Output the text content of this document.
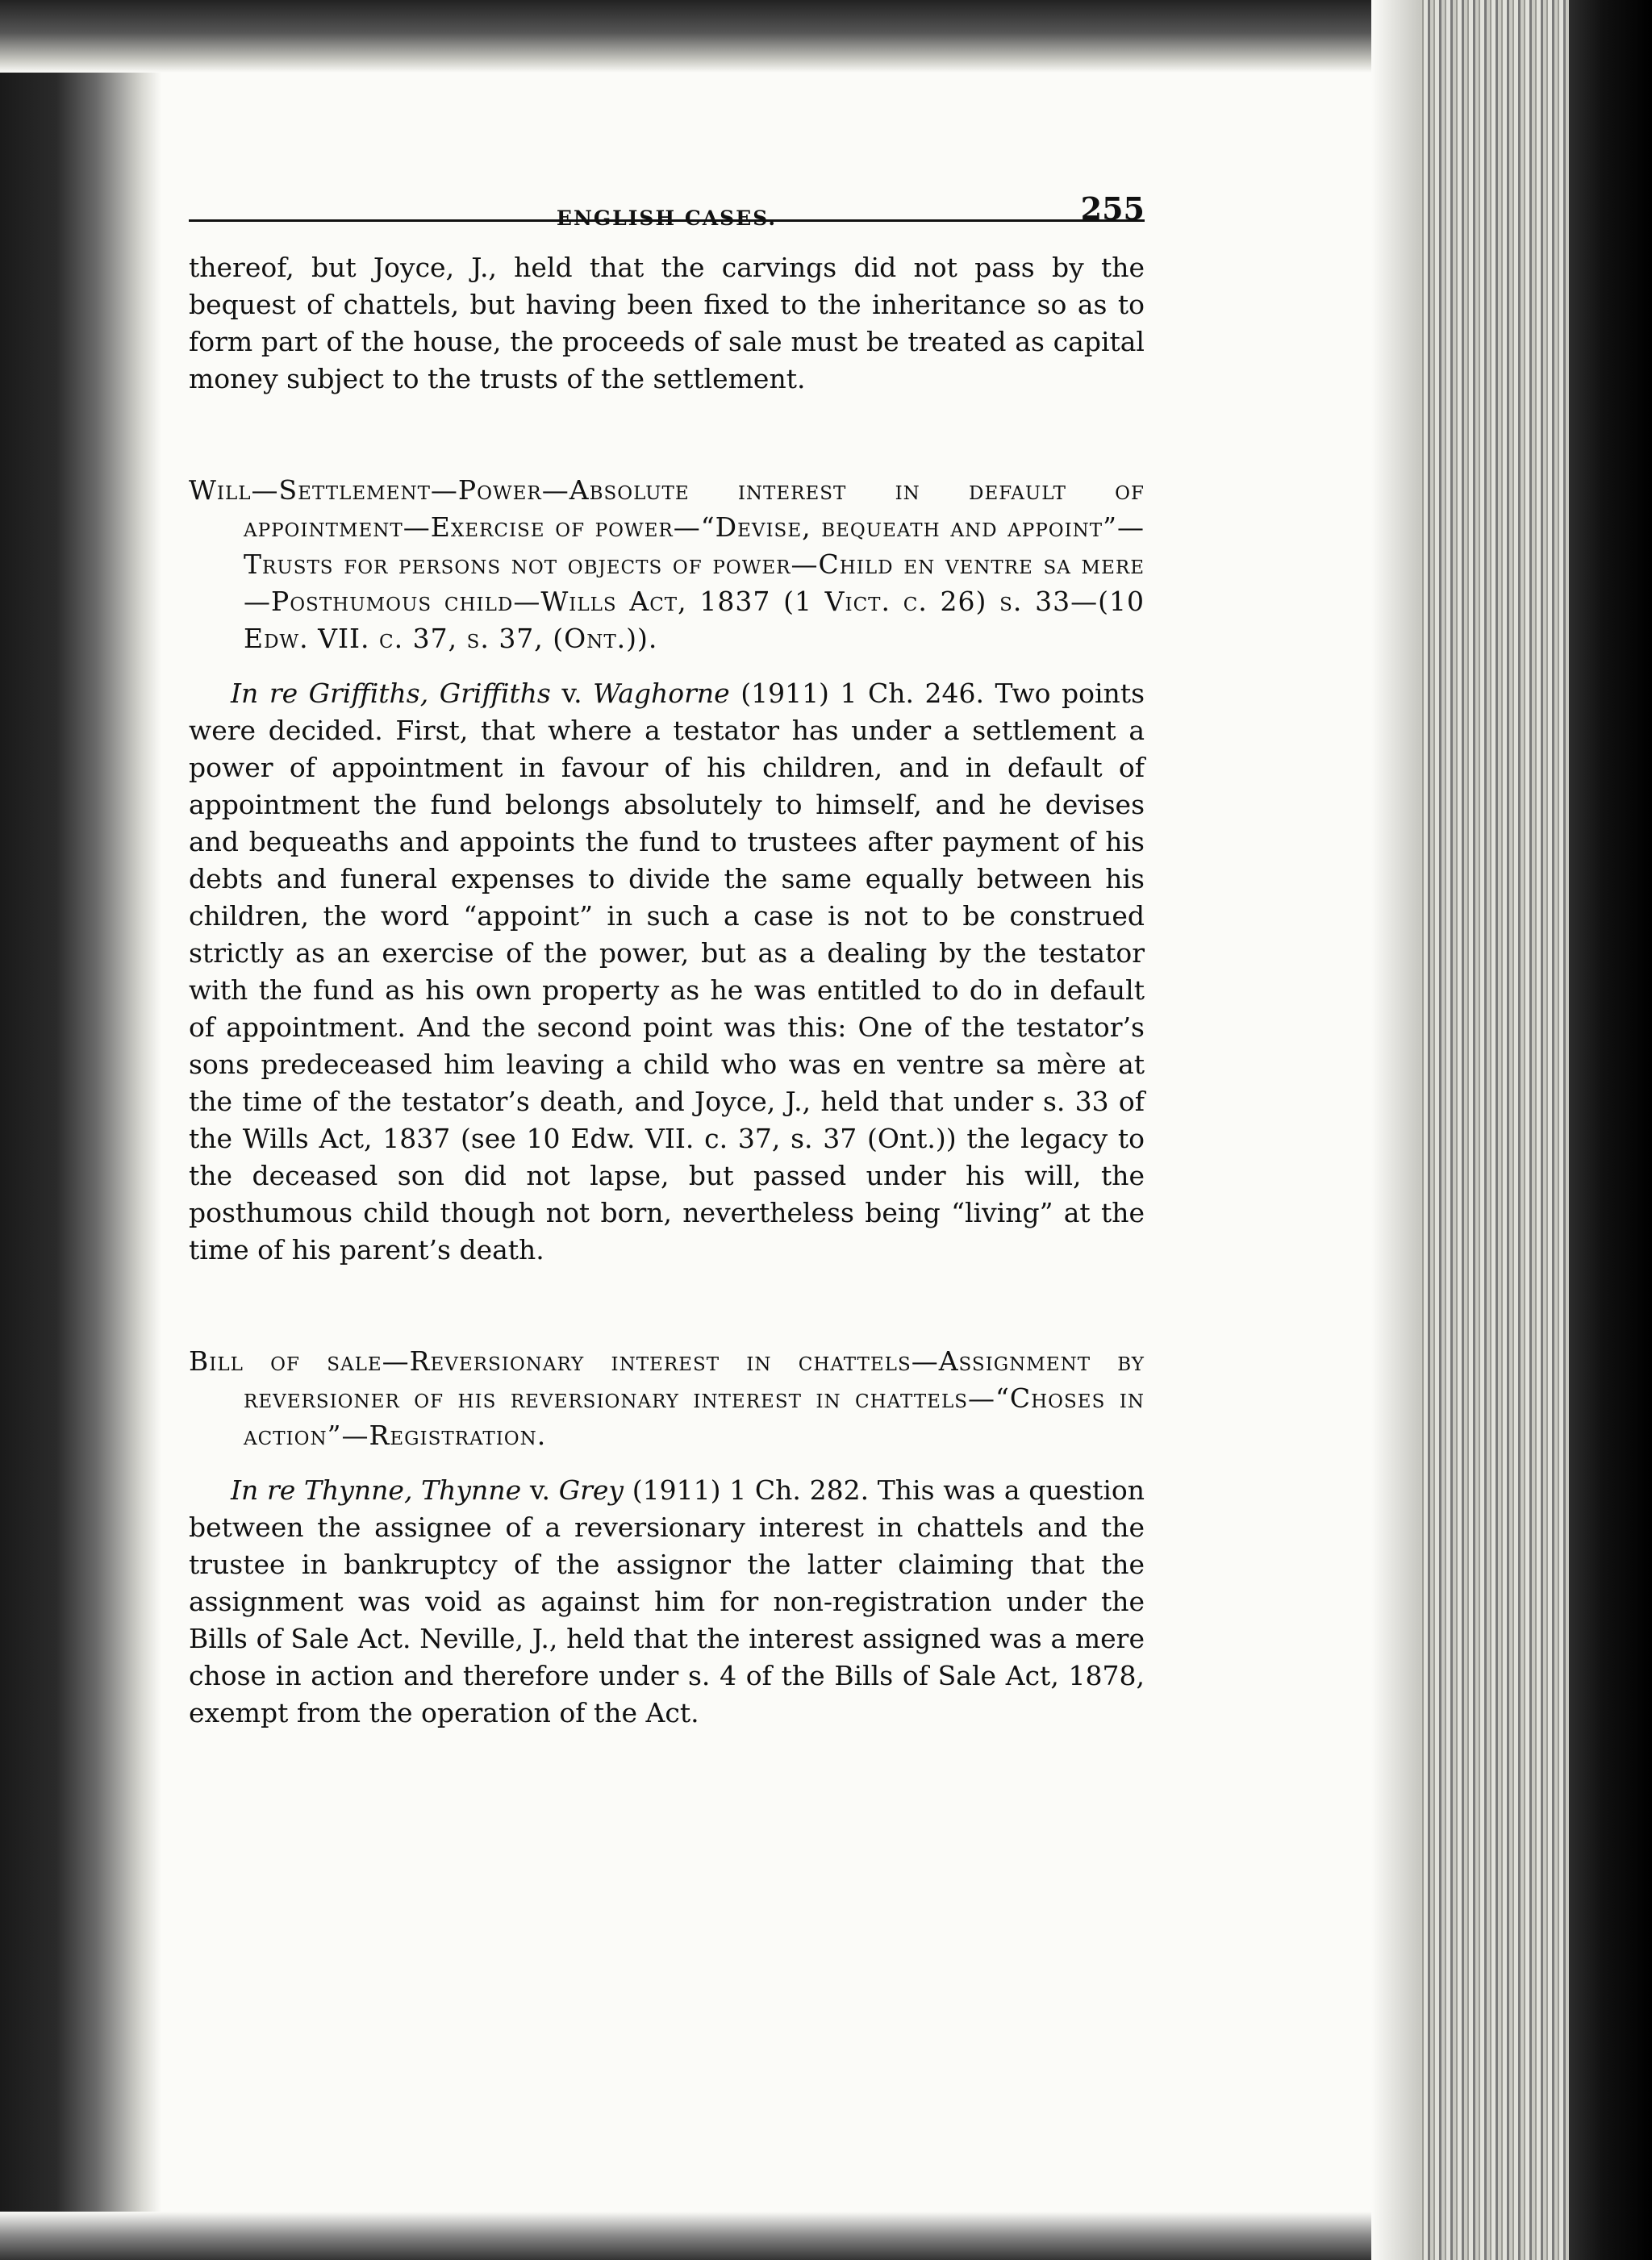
ENGLISH CASES.	255

thereof, but Joyce, J., held that the carvings did not pass by the bequest of chattels, but having been fixed to the inheritance so as to form part of the house, the proceeds of sale must be treated as capital money subject to the trusts of the settlement.

Will—Settlement—Power—Absolute interest in default of appointment—Exercise of power—“Devise, bequeath and appoint”—Trusts for persons not objects of power—Child en ventre sa mere—Posthumous child—Wills Act, 1837 (1 Vict. c. 26) s. 33—(10 Edw. VII. c. 37, s. 37, (Ont.)).

In re Griffiths, Griffiths v. Waghorne (1911) 1 Ch. 246. Two points were decided. First, that where a testator has under a settlement a power of appointment in favour of his children, and in default of appointment the fund belongs absolutely to himself, and he devises and bequeaths and appoints the fund to trustees after payment of his debts and funeral expenses to divide the same equally between his children, the word “appoint” in such a case is not to be construed strictly as an exercise of the power, but as a dealing by the testator with the fund as his own property as he was entitled to do in default of appointment. And the second point was this: One of the testator’s sons predeceased him leaving a child who was en ventre sa mère at the time of the testator’s death, and Joyce, J., held that under s. 33 of the Wills Act, 1837 (see 10 Edw. VII. c. 37, s. 37 (Ont.)) the legacy to the deceased son did not lapse, but passed under his will, the posthumous child though not born, nevertheless being “living” at the time of his parent’s death.

Bill of sale—Reversionary interest in chattels—Assignment by reversioner of his reversionary interest in chattels—“Choses in action”—Registration.

In re Thynne, Thynne v. Grey (1911) 1 Ch. 282. This was a question between the assignee of a reversionary interest in chattels and the trustee in bankruptcy of the assignor the latter claiming that the assignment was void as against him for non-registration under the Bills of Sale Act. Neville, J., held that the interest assigned was a mere chose in action and therefore under s. 4 of the Bills of Sale Act, 1878, exempt from the operation of the Act.
